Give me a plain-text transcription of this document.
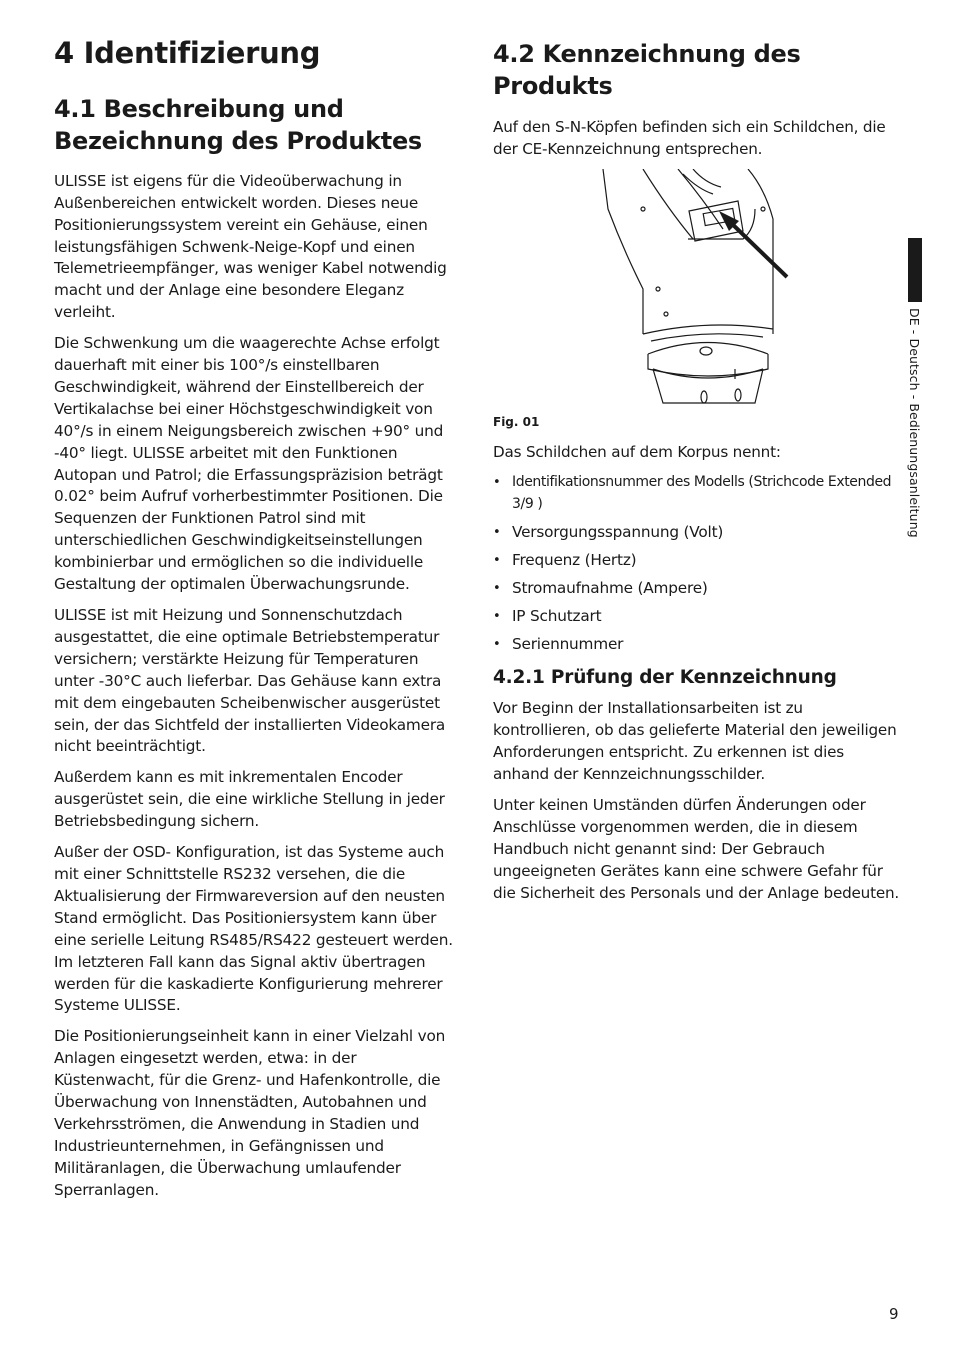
4 Identifizierung
4.1 Beschreibung und
Bezeichnung des Produktes

ULISSE ist eigens für die Videoüberwachung in Außenbereichen entwickelt worden. Dieses neue Positionierungssystem vereint ein Gehäuse, einen leistungsfähigen Schwenk-Neige-Kopf und einen Telemetrieempfänger, was weniger Kabel notwendig macht und der Anlage eine besondere Eleganz verleiht.

Die Schwenkung um die waagerechte Achse erfolgt dauerhaft mit einer bis 100°/s einstellbaren Geschwindigkeit, während der Einstellbereich der Vertikalachse bei einer Höchstgeschwindigkeit von 40°/s in einem Neigungsbereich zwischen +90° und -40° liegt. ULISSE arbeitet mit den Funktionen Autopan und Patrol; die Erfassungspräzision beträgt 0.02° beim Aufruf vorherbestimmter Positionen. Die Sequenzen der Funktionen Patrol sind mit unterschiedlichen Geschwindigkeitseinstellungen kombinierbar und ermöglichen so die individuelle Gestaltung der optimalen Überwachungsrunde.

ULISSE ist mit Heizung und Sonnenschutzdach ausgestattet, die eine optimale Betriebstemperatur versichern; verstärkte Heizung für Temperaturen unter -30°C auch lieferbar. Das Gehäuse kann extra mit dem eingebauten Scheibenwischer ausgerüstet sein, der das Sichtfeld der installierten Videokamera nicht beeinträchtigt.

Außerdem kann es mit inkrementalen Encoder ausgerüstet sein, die eine wirkliche Stellung in jeder Betriebsbedingung sichern.

Außer der OSD- Konfiguration, ist das Systeme auch mit einer Schnittstelle RS232 versehen, die die Aktualisierung der Firmwareversion auf den neusten Stand ermöglicht. Das Positioniersystem kann über eine serielle Leitung RS485/RS422 gesteuert werden. Im letzteren Fall kann das Signal aktiv übertragen werden für die kaskadierte Konfigurierung mehrerer Systeme ULISSE.

Die Positionierungseinheit kann in einer Vielzahl von Anlagen eingesetzt werden, etwa: in der Küstenwacht, für die Grenz- und Hafenkontrolle, die Überwachung von Innenstädten, Autobahnen und Verkehrsströmen, die Anwendung in Stadien und Industrieunternehmen, in Gefängnissen und Militäranlagen, die Überwachung umlaufender Sperranlagen.

4.2 Kennzeichnung des Produkts

Auf den S-N-Köpfen befinden sich ein Schildchen, die der CE-Kennzeichnung entsprechen.

Fig. 01

Das Schildchen auf dem Korpus nennt:

• Identifikationsnummer des Modells (Strichcode Extended 3/9 )
• Versorgungsspannung (Volt)
• Frequenz (Hertz)
• Stromaufnahme (Ampere)
• IP Schutzart
• Seriennummer
4.2.1 Prüfung der Kennzeichnung

Vor Beginn der Installationsarbeiten ist zu kontrollieren, ob das gelieferte Material den jeweiligen Anforderungen entspricht. Zu erkennen ist dies anhand der Kennzeichnungsschilder.

Unter keinen Umständen dürfen Änderungen oder Anschlüsse vorgenommen werden, die in diesem Handbuch nicht genannt sind: Der Gebrauch ungeeigneten Gerätes kann eine schwere Gefahr für die Sicherheit des Personals und der Anlage bedeuten.

DE - Deutsch - Bedienungsanleitung
9
